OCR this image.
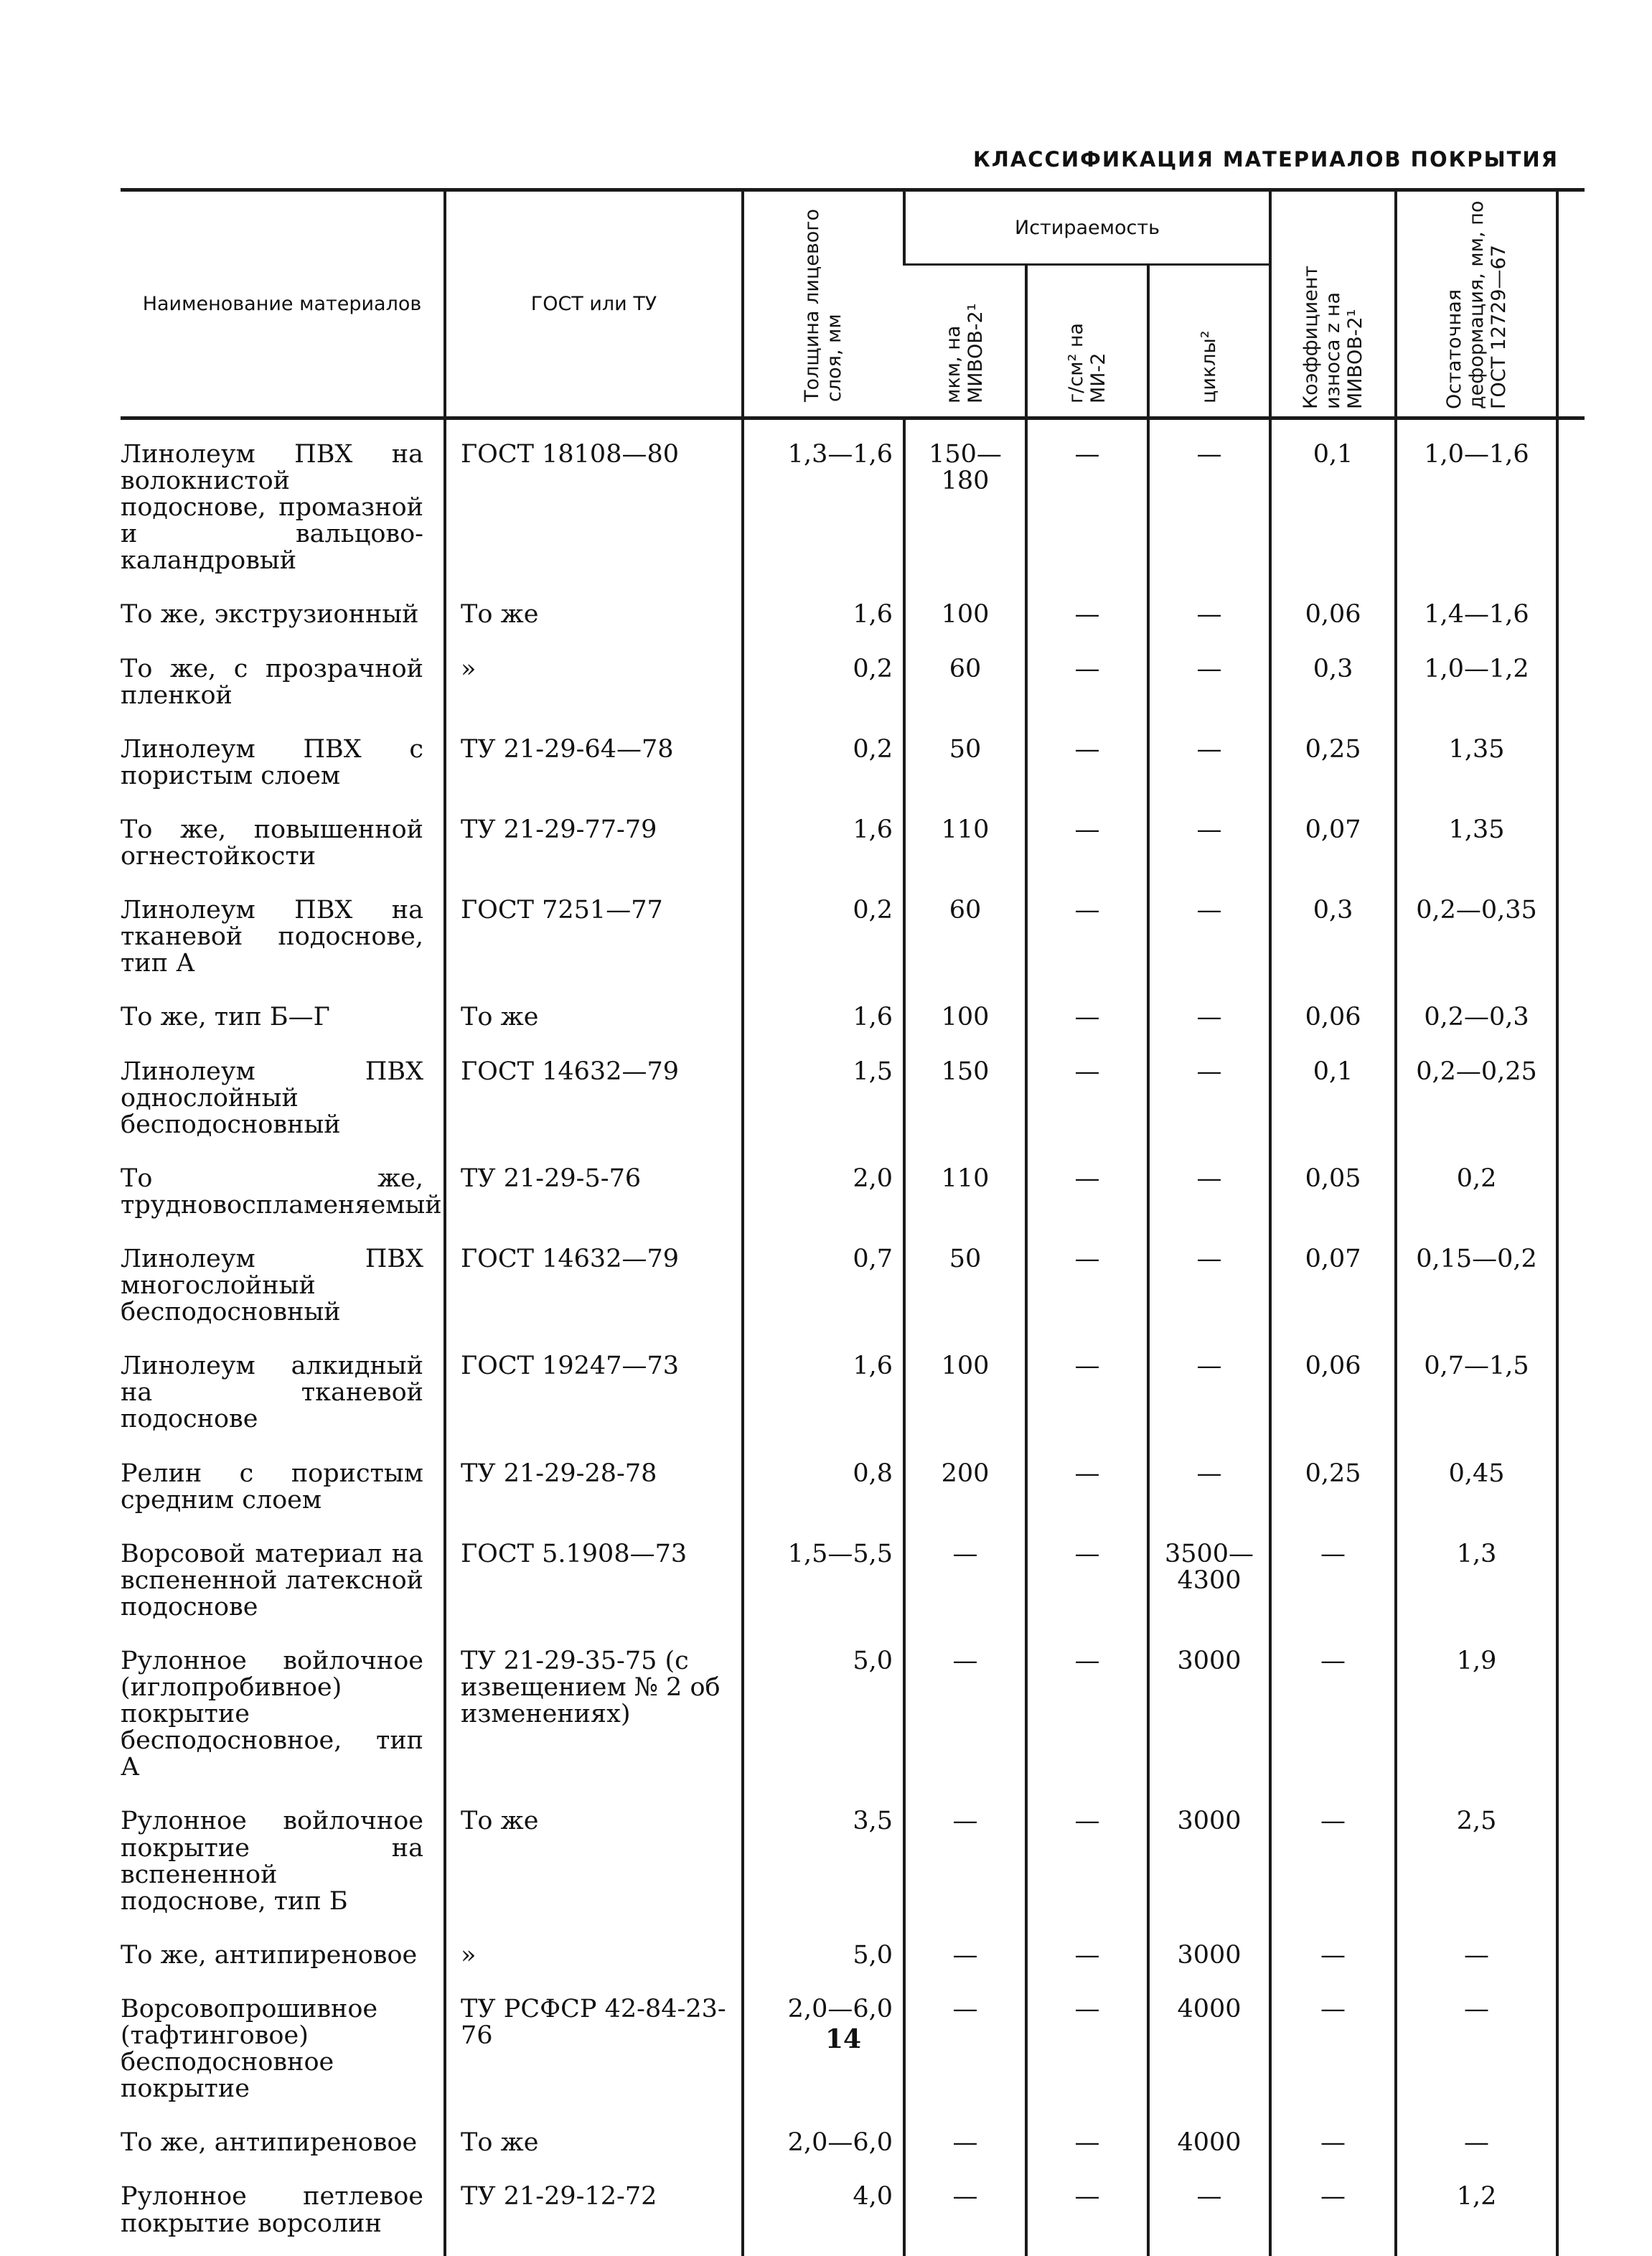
КЛАССИФИКАЦИЯ МАТЕРИАЛОВ ПОКРЫТИЯ
Наименование материалов	ГОСТ или ТУ	Толщина лицевого слоя, мм	Истираемость			Коэффициент износа z на МИВОВ-2¹	Остаточная деформация, мм, по ГОСТ 12729—67	
			мкм, на МИВОВ-2¹	г/см² на МИ-2	циклы²			
Линолеум ПВХ на волокнистой подоснове, промазной и вальцово-каландровый	ГОСТ 18108—80	1,3—1,6	150—180	—	—	0,1	1,0—1,6	
То же, экструзионный	То же	1,6	100	—	—	0,06	1,4—1,6	
То же, с прозрачной пленкой	»	0,2	60	—	—	0,3	1,0—1,2	
Линолеум ПВХ с пористым слоем	ТУ 21-29-64—78	0,2	50	—	—	0,25	1,35	
То же, повышенной огнестойкости	ТУ 21-29-77-79	1,6	110	—	—	0,07	1,35	
Линолеум ПВХ на тканевой подоснове, тип А	ГОСТ 7251—77	0,2	60	—	—	0,3	0,2—0,35	
То же, тип Б—Г	То же	1,6	100	—	—	0,06	0,2—0,3	
Линолеум ПВХ однослойный беcподоcновный	ГОСТ 14632—79	1,5	150	—	—	0,1	0,2—0,25	
То же, трудновоспламеняемый	ТУ 21-29-5-76	2,0	110	—	—	0,05	0,2	
Линолеум ПВХ многослойный беcподоcновный	ГОСТ 14632—79	0,7	50	—	—	0,07	0,15—0,2	
Линолеум алкидный на тканевой подоснове	ГОСТ 19247—73	1,6	100	—	—	0,06	0,7—1,5	
Релин с пористым средним слоем	ТУ 21-29-28-78	0,8	200	—	—	0,25	0,45	
Ворсовой материал на вспененной латексной подоснове	ГОСТ 5.1908—73	1,5—5,5	—	—	3500—4300	—	1,3	
Рулонное войлочное (иглопробивное) покрытие беcподоcновное, тип А	ТУ 21-29-35-75 (с извещением № 2 об изменениях)	5,0	—	—	3000	—	1,9	
Рулонное войлочное покрытие на вспененной подоснове, тип Б	То же	3,5	—	—	3000	—	2,5	
То же, антипиреновое	»	5,0	—	—	3000	—	—	
Ворсовопрошивное (тафтинговое) беcподоcновное покрытие	ТУ РСФСР 42-84-23-76	2,0—6,0	—	—	4000	—	—	
То же, антипиреновое	То же	2,0—6,0	—	—	4000	—	—	
Рулонное петлевое покрытие ворсолин	ТУ 21-29-12-72	4,0	—	—	—	—	1,2	
14
